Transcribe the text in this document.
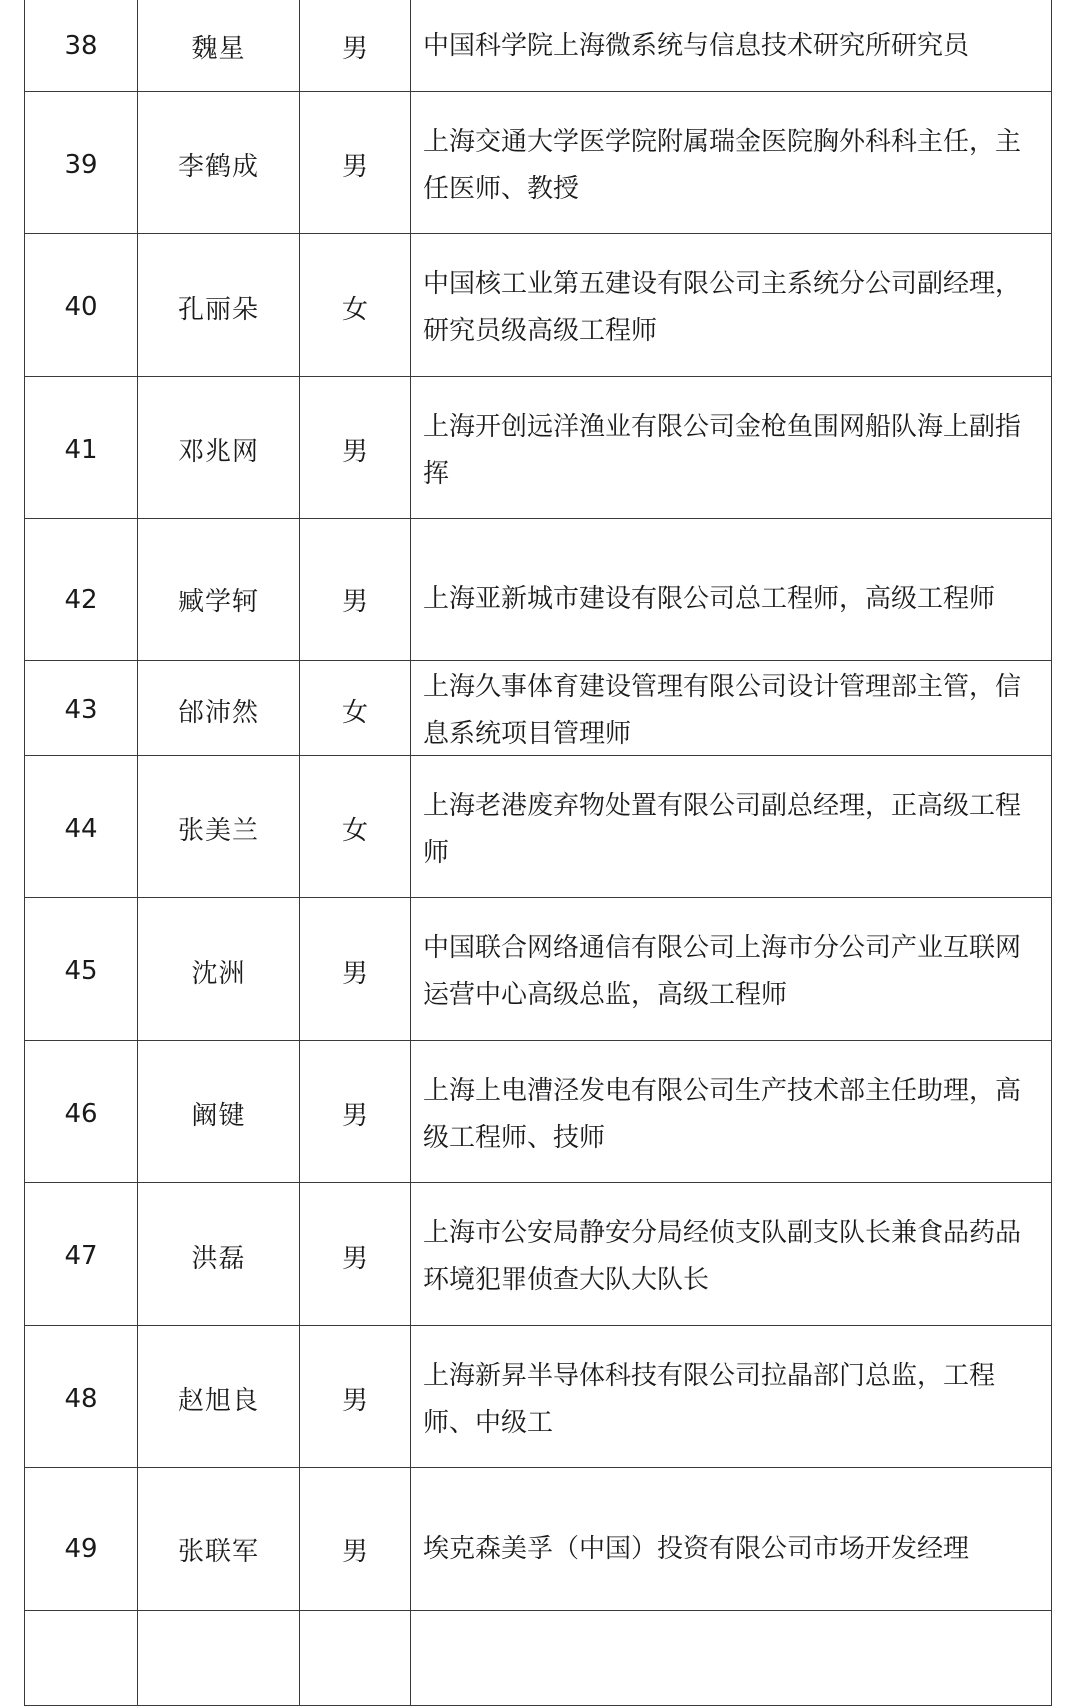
38	魏星	男	中国科学院上海微系统与信息技术研究所研究员

39	李鹤成	男	上海交通大学医学院附属瑞金医院胸外科科主任，主
任医师、教授

40	孔丽朵	女	中国核工业第五建设有限公司主系统分公司副经理，
研究员级高级工程师

41	邓兆网	男	上海开创远洋渔业有限公司金枪鱼围网船队海上副指
挥

42	臧学轲	男	上海亚新城市建设有限公司总工程师，高级工程师

43	邰沛然	女	上海久事体育建设管理有限公司设计管理部主管，信
息系统项目管理师

44	张美兰	女	上海老港废弃物处置有限公司副总经理，正高级工程
师

45	沈洲	男	中国联合网络通信有限公司上海市分公司产业互联网
运营中心高级总监，高级工程师

46	阚键	男	上海上电漕泾发电有限公司生产技术部主任助理，高
级工程师、技师

47	洪磊	男	上海市公安局静安分局经侦支队副支队长兼食品药品
环境犯罪侦查大队大队长

48	赵旭良	男	上海新昇半导体科技有限公司拉晶部门总监，工程
师、中级工

49	张联军	男	埃克森美孚（中国）投资有限公司市场开发经理
